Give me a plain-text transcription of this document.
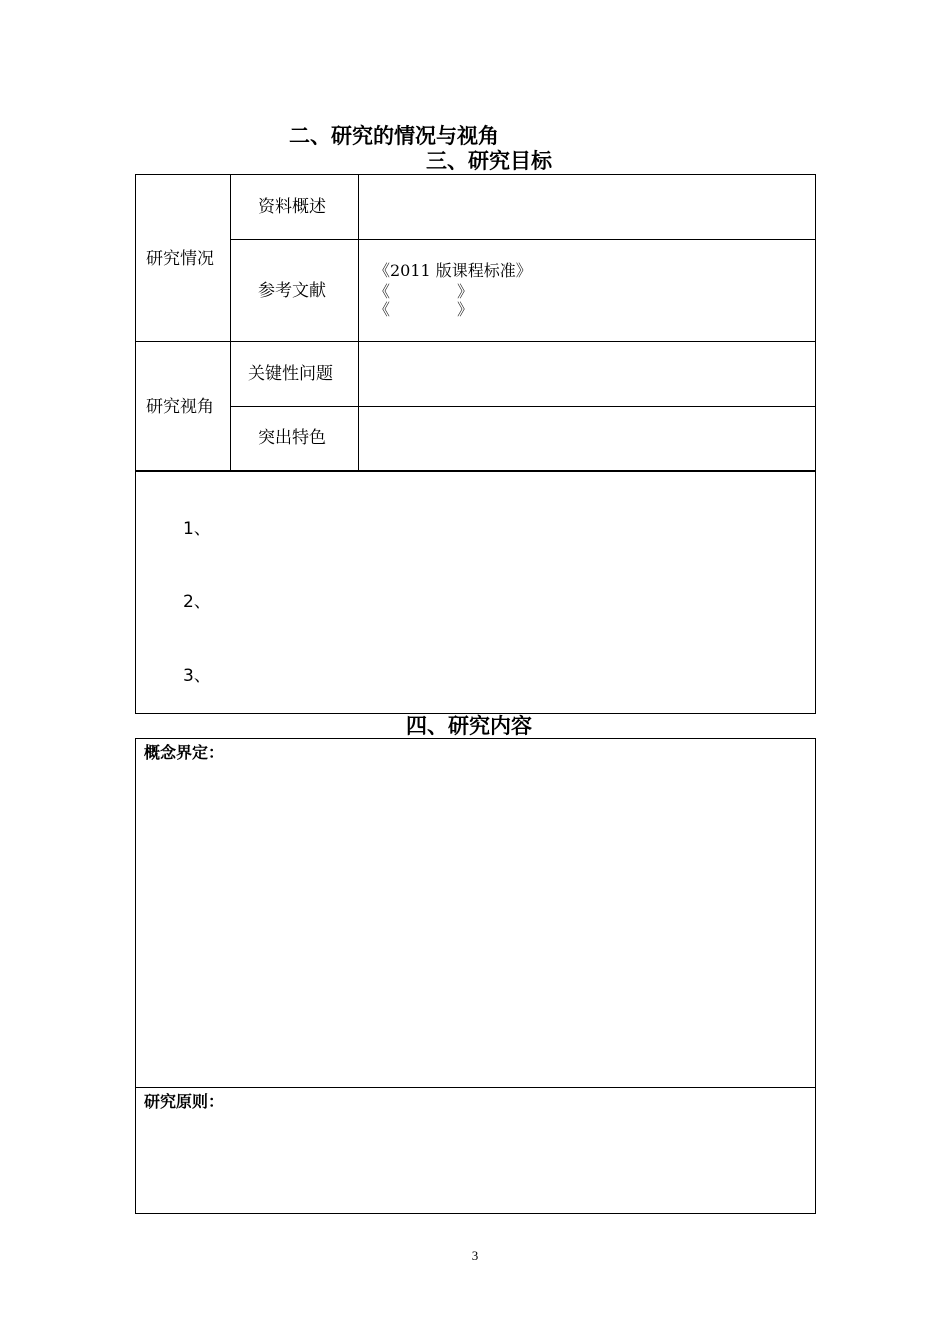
二、研究的情况与视角
三、研究目标
研究情况
资料概述
参考文献
《2011 版课程标准》
《	》
《	》
研究视角
关键性问题
突出特色
1、
2、
3、
四、研究内容
概念界定：
研究原则：
3
